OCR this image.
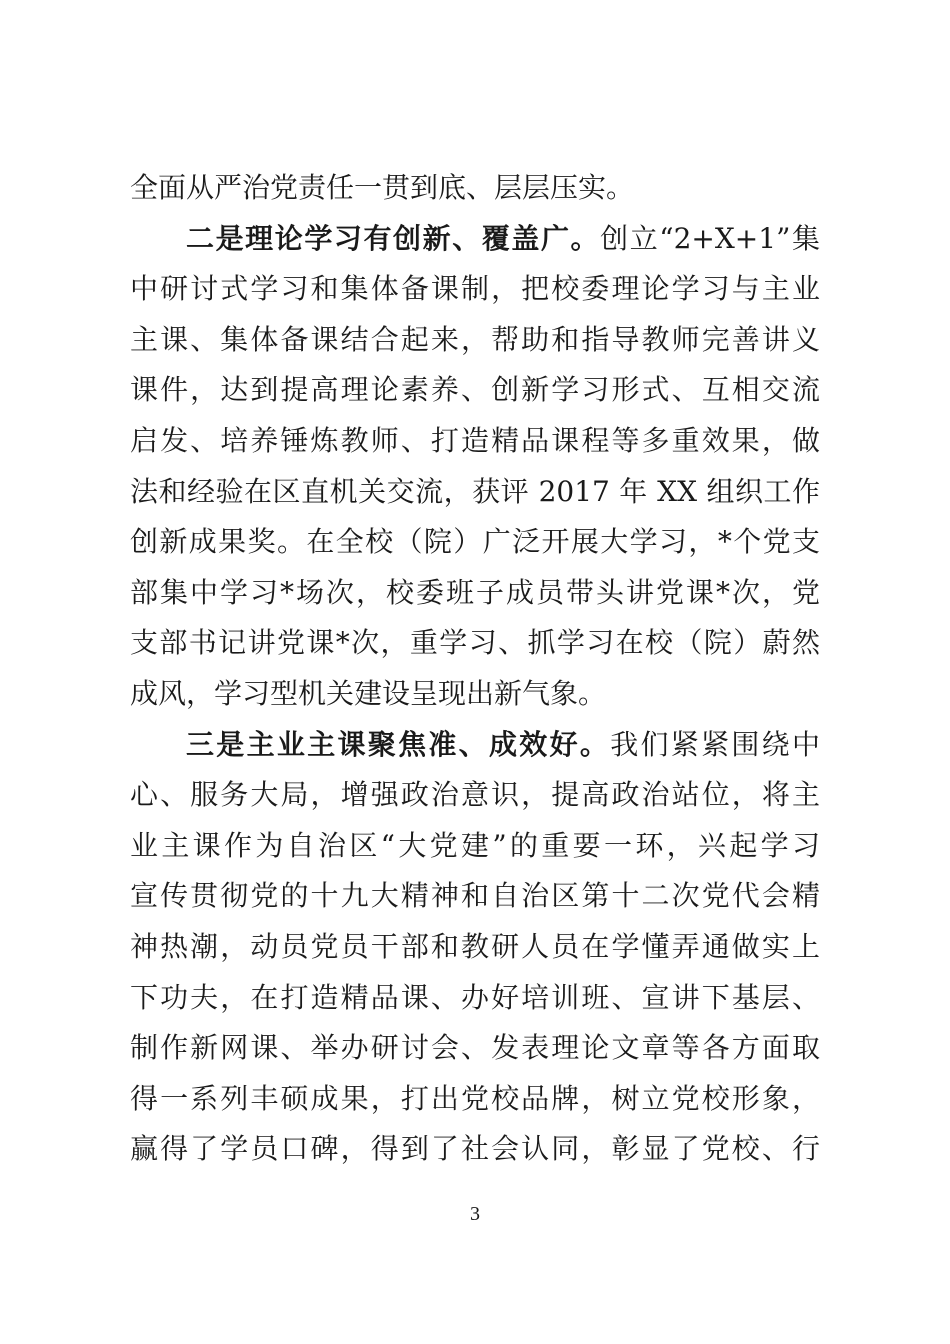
全面从严治党责任一贯到底、层层压实。
二是理论学习有创新、覆盖广。创立“2+X+1”集
中研讨式学习和集体备课制，把校委理论学习与主业
主课、集体备课结合起来，帮助和指导教师完善讲义
课件，达到提高理论素养、创新学习形式、互相交流
启发、培养锤炼教师、打造精品课程等多重效果，做
法和经验在区直机关交流，获评 2017 年 XX 组织工作
创新成果奖。在全校（院）广泛开展大学习，*个党支
部集中学习*场次，校委班子成员带头讲党课*次，党
支部书记讲党课*次，重学习、抓学习在校（院）蔚然
成风，学习型机关建设呈现出新气象。
三是主业主课聚焦准、成效好。我们紧紧围绕中
心、服务大局，增强政治意识，提高政治站位，将主
业主课作为自治区“大党建”的重要一环，兴起学习
宣传贯彻党的十九大精神和自治区第十二次党代会精
神热潮，动员党员干部和教研人员在学懂弄通做实上
下功夫，在打造精品课、办好培训班、宣讲下基层、
制作新网课、举办研讨会、发表理论文章等各方面取
得一系列丰硕成果，打出党校品牌，树立党校形象，
赢得了学员口碑，得到了社会认同，彰显了党校、行
3
